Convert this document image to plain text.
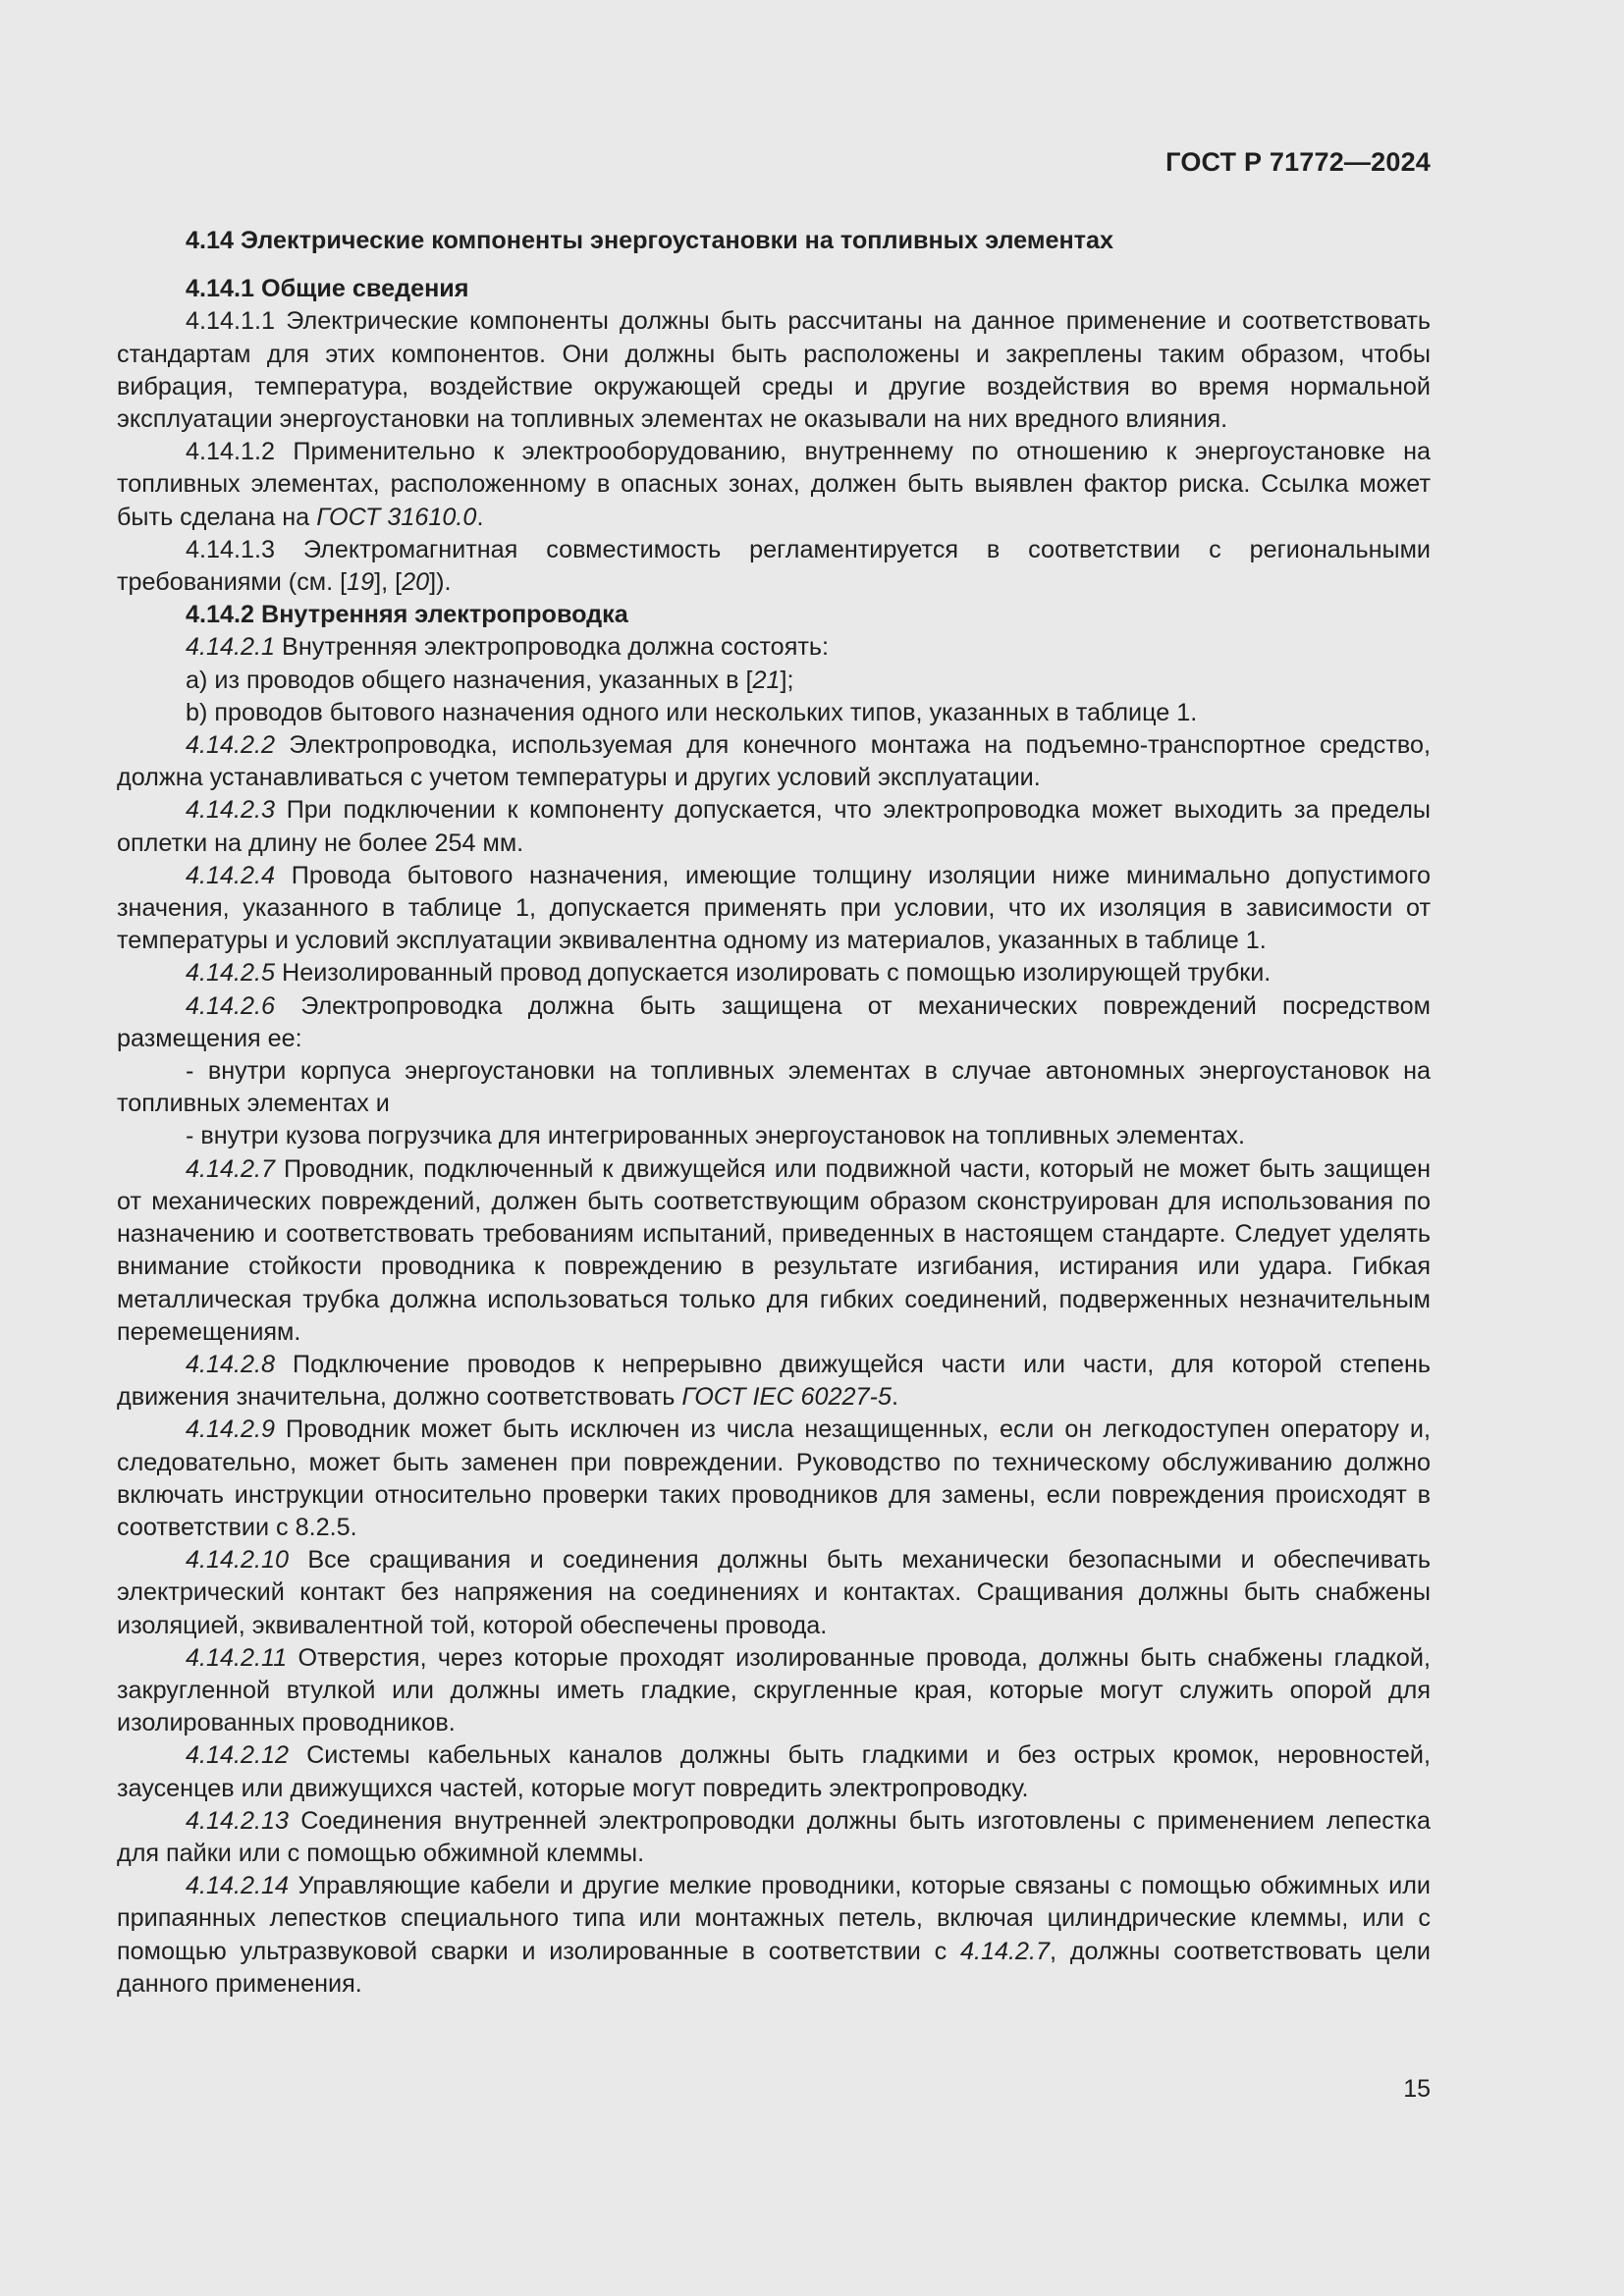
ГОСТ Р 71772—2024

4.14 Электрические компоненты энергоустановки на топливных элементах

4.14.1 Общие сведения

4.14.1.1 Электрические компоненты должны быть рассчитаны на данное применение и соответствовать стандартам для этих компонентов. Они должны быть расположены и закреплены таким образом, чтобы вибрация, температура, воздействие окружающей среды и другие воздействия во время нормальной эксплуатации энергоустановки на топливных элементах не оказывали на них вредного влияния.

4.14.1.2 Применительно к электрооборудованию, внутреннему по отношению к энергоустановке на топливных элементах, расположенному в опасных зонах, должен быть выявлен фактор риска. Ссылка может быть сделана на ГОСТ 31610.0.

4.14.1.3 Электромагнитная совместимость регламентируется в соответствии с региональными требованиями (см. [19], [20]).

4.14.2 Внутренняя электропроводка

4.14.2.1 Внутренняя электропроводка должна состоять:

а) из проводов общего назначения, указанных в [21];

b) проводов бытового назначения одного или нескольких типов, указанных в таблице 1.

4.14.2.2 Электропроводка, используемая для конечного монтажа на подъемно-транспортное средство, должна устанавливаться с учетом температуры и других условий эксплуатации.

4.14.2.3 При подключении к компоненту допускается, что электропроводка может выходить за пределы оплетки на длину не более 254 мм.

4.14.2.4 Провода бытового назначения, имеющие толщину изоляции ниже минимально допустимого значения, указанного в таблице 1, допускается применять при условии, что их изоляция в зависимости от температуры и условий эксплуатации эквивалентна одному из материалов, указанных в таблице 1.

4.14.2.5 Неизолированный провод допускается изолировать с помощью изолирующей трубки.

4.14.2.6 Электропроводка должна быть защищена от механических повреждений посредством размещения ее:

- внутри корпуса энергоустановки на топливных элементах в случае автономных энергоустановок на топливных элементах и

- внутри кузова погрузчика для интегрированных энергоустановок на топливных элементах.

4.14.2.7 Проводник, подключенный к движущейся или подвижной части, который не может быть защищен от механических повреждений, должен быть соответствующим образом сконструирован для использования по назначению и соответствовать требованиям испытаний, приведенных в настоящем стандарте. Следует уделять внимание стойкости проводника к повреждению в результате изгибания, истирания или удара. Гибкая металлическая трубка должна использоваться только для гибких соединений, подверженных незначительным перемещениям.

4.14.2.8 Подключение проводов к непрерывно движущейся части или части, для которой степень движения значительна, должно соответствовать ГОСТ IEC 60227-5.

4.14.2.9 Проводник может быть исключен из числа незащищенных, если он легкодоступен оператору и, следовательно, может быть заменен при повреждении. Руководство по техническому обслуживанию должно включать инструкции относительно проверки таких проводников для замены, если повреждения происходят в соответствии с 8.2.5.

4.14.2.10 Все сращивания и соединения должны быть механически безопасными и обеспечивать электрический контакт без напряжения на соединениях и контактах. Сращивания должны быть снабжены изоляцией, эквивалентной той, которой обеспечены провода.

4.14.2.11 Отверстия, через которые проходят изолированные провода, должны быть снабжены гладкой, закругленной втулкой или должны иметь гладкие, скругленные края, которые могут служить опорой для изолированных проводников.

4.14.2.12 Системы кабельных каналов должны быть гладкими и без острых кромок, неровностей, заусенцев или движущихся частей, которые могут повредить электропроводку.

4.14.2.13 Соединения внутренней электропроводки должны быть изготовлены с применением лепестка для пайки или с помощью обжимной клеммы.

4.14.2.14 Управляющие кабели и другие мелкие проводники, которые связаны с помощью обжимных или припаянных лепестков специального типа или монтажных петель, включая цилиндрические клеммы, или с помощью ультразвуковой сварки и изолированные в соответствии с 4.14.2.7, должны соответствовать цели данного применения.

15
